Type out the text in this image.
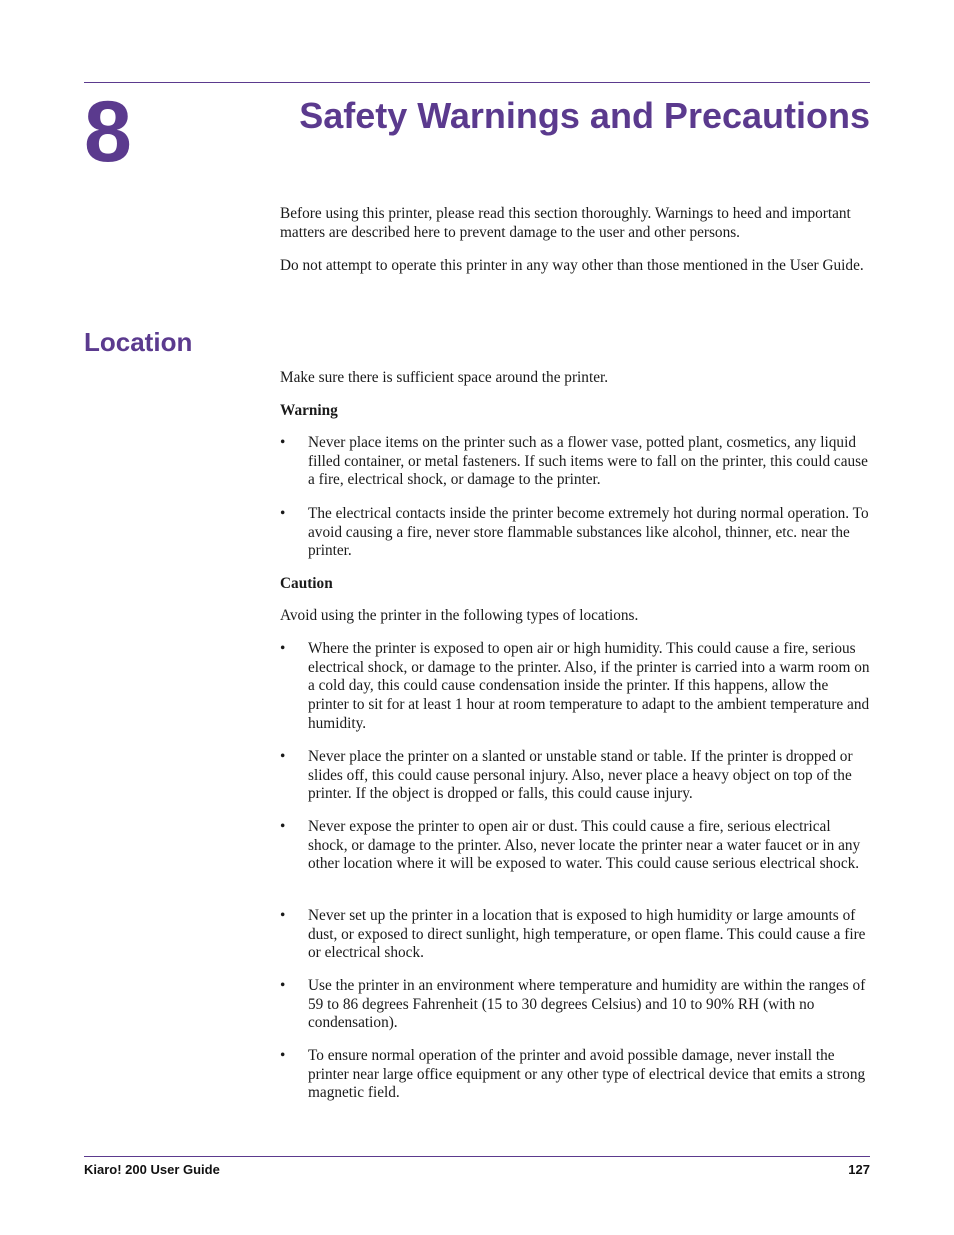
8	Safety Warnings and Precautions

Before using this printer, please read this section thoroughly. Warnings to heed and important matters are described here to prevent damage to the user and other persons.

Do not attempt to operate this printer in any way other than those mentioned in the User Guide.

Location

Make sure there is sufficient space around the printer.

Warning
•	Never place items on the printer such as a flower vase, potted plant, cosmetics, any liquid filled container, or metal fasteners. If such items were to fall on the printer, this could cause a fire, electrical shock, or damage to the printer.
•	The electrical contacts inside the printer become extremely hot during normal operation. To avoid causing a fire, never store flammable substances like alcohol, thinner, etc. near the printer.
Caution

Avoid using the printer in the following types of locations.

•	Where the printer is exposed to open air or high humidity. This could cause a fire, serious electrical shock, or damage to the printer. Also, if the printer is carried into a warm room on a cold day, this could cause condensation inside the printer. If this happens, allow the printer to sit for at least 1 hour at room temperature to adapt to the ambient temperature and humidity.
•	Never place the printer on a slanted or unstable stand or table. If the printer is dropped or slides off, this could cause personal injury. Also, never place a heavy object on top of the printer. If the object is dropped or falls, this could cause injury.
•	Never expose the printer to open air or dust. This could cause a fire, serious electrical shock, or damage to the printer. Also, never locate the printer near a water faucet or in any other location where it will be exposed to water. This could cause serious electrical shock.
•	Never set up the printer in a location that is exposed to high humidity or large amounts of dust, or exposed to direct sunlight, high temperature, or open flame. This could cause a fire or electrical shock.
•	Use the printer in an environment where temperature and humidity are within the ranges of 59 to 86 degrees Fahrenheit (15 to 30 degrees Celsius) and 10 to 90% RH (with no condensation).
•	To ensure normal operation of the printer and avoid possible damage, never install the printer near large office equipment or any other type of electrical device that emits a strong magnetic field.
Kiaro! 200 User Guide	127
